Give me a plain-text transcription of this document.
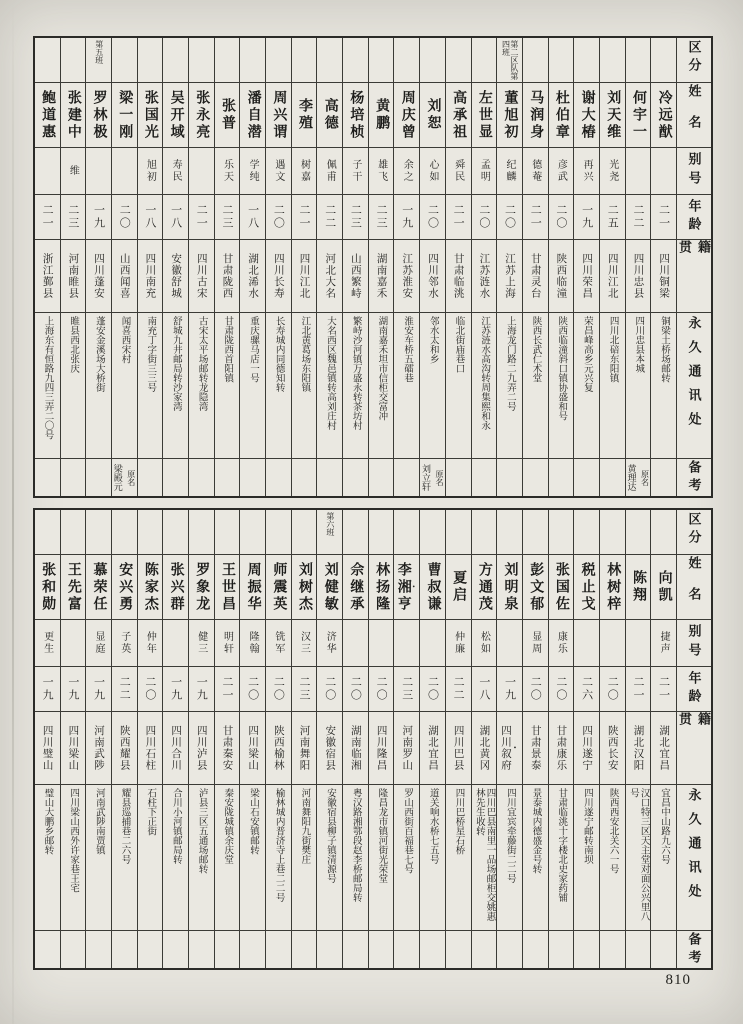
区分
姓名
别号
年龄
籍贯
永久通讯处
备考
冷远猷
二一
四川铜梁
铜梁土桥场邮转
何宇一
二二
四川忠县
四川忠县本城
原名
黄理达
刘天维
光尧
二五
四川江北
四川北碚东阳镇
谢大椿
再兴
一九
四川荣昌
荣昌峰高乡元兴复
杜伯章
彦武
二〇
陕西临潼
陕西临潼斜口镇协盛和号
马润身
德菴
二一
甘肃灵台
陕西长武仁术堂
第二区队第四班
董旭初
纪麟
二〇
江苏上海
上海龙门路二九弄二号
左世显
孟明
二〇
江苏涟水
江苏涟水高沟转周集熙和永
高承祖
舜民
二一
甘肃临洮
临北街庙巷口
刘恕
心如
二〇
四川邻水
邻水太和乡
原名
刘立轩
周庆曾
余之
一九
江苏淮安
淮安车桥五礌巷
黄鹏
雄飞
二三
湖南嘉禾
湖南嘉禾坦市信柜交富冲
杨培桢
子干
二三
山西繁峙
繁峙沙河镇万盛永转茶坊村
高德
佩甫
二二
河北大名
大名西区魏邑镇转高刘庄村
李殖
树嘉
二一
四川江北
江北黄葛场东阳镇
周兴谓
遇文
二〇
四川长寿
长寿城内同德知转
潘自潜
学纯
一八
湖北浠水
重庆骡马店一号
张普
乐天
二三
甘肃陇西
甘肃陇西首阳镇
张永亮
二一
四川古宋
古宋太平场邮转龙隐湾
吴开域
寿民
一八
安徽舒城
舒城九井邮局转沙家湾
张国光
旭初
一八
四川南充
南充丁字街三三号
梁一刚
二〇
山西闻喜
闻喜西宋村
原名
梁殿元
第五班
罗林极
一九
四川蓬安
蓬安金溪场大桥街
张建中
维
二三
河南睢县
睢县西北张庆
鲍道惠
二一
浙江鄞县
上海东有恒路九四三弄二〇号
区分
姓名
别号
年龄
籍贯
永久通讯处
备考
向凯
捷声
二一
湖北宜昌
宜昌中山路九六号
陈翔
二一
湖北汉阳
汉口特三区天主堂对面公兴里八号
林树梓
二〇
陕西长安
陕西西安北关六一号
税止戈
二六
四川遂宁
四川遂宁邮转南坝
张国佐
康乐
二〇
甘肃康乐
甘肃临洮十字楼北史家药铺
彭文郁
显周
二〇
甘肃景泰
景泰城内德盛金号转
刘明泉
一九
四川叙府 •
四川宜宾牵藤街二二号
方通茂
松如
一八
湖北黄冈
四川巴县南里一品场邮柜交姚惠林先生收转
夏启
仲廉
二二
四川巴县
四川巴桥星石桥
曹叔谦
二〇
湖北宜昌
道关响水桥七五号
李湘亨 •
二三
河南罗山
罗山西街百福巷七号
林扬隆
二〇
四川隆昌
隆昌龙市镇河街光荣堂
佘继承
二〇
湖南临湘
粤汉路湘鄂段赵李桥邮局转
第六班
刘健敏
济华
二〇
安徽宿县
安徽宿县柳子镇清源号
刘树杰
汉三
二三
河南舞阳
河南舞阳九街樊庄
师震英
铣军
二〇
陕西榆林
榆林城内普济寺上巷二二号
周振华
隆翰
二〇
四川梁山
梁山石安镇邮转
王世昌
明轩
二一
甘肃秦安
秦安陇城镇余庆堂
罗象龙
健三
一九
四川泸县
泸县三区五通场邮转
张兴群
一九
四川合川
合川小河镇邮局转
陈家杰
仲年
二〇
四川石柱
石柱下正街
安兴勇
子英
二二
陕西耀县
耀县巡捕巷二六号
慕荣任
显庭
一九
河南武陟
河南武陟南贾镇
王先富
一九
四川梁山
四川梁山西外许家巷王宅
张和勋
更生
一九
四川璧山
璧山大鹏乡邮转
810
